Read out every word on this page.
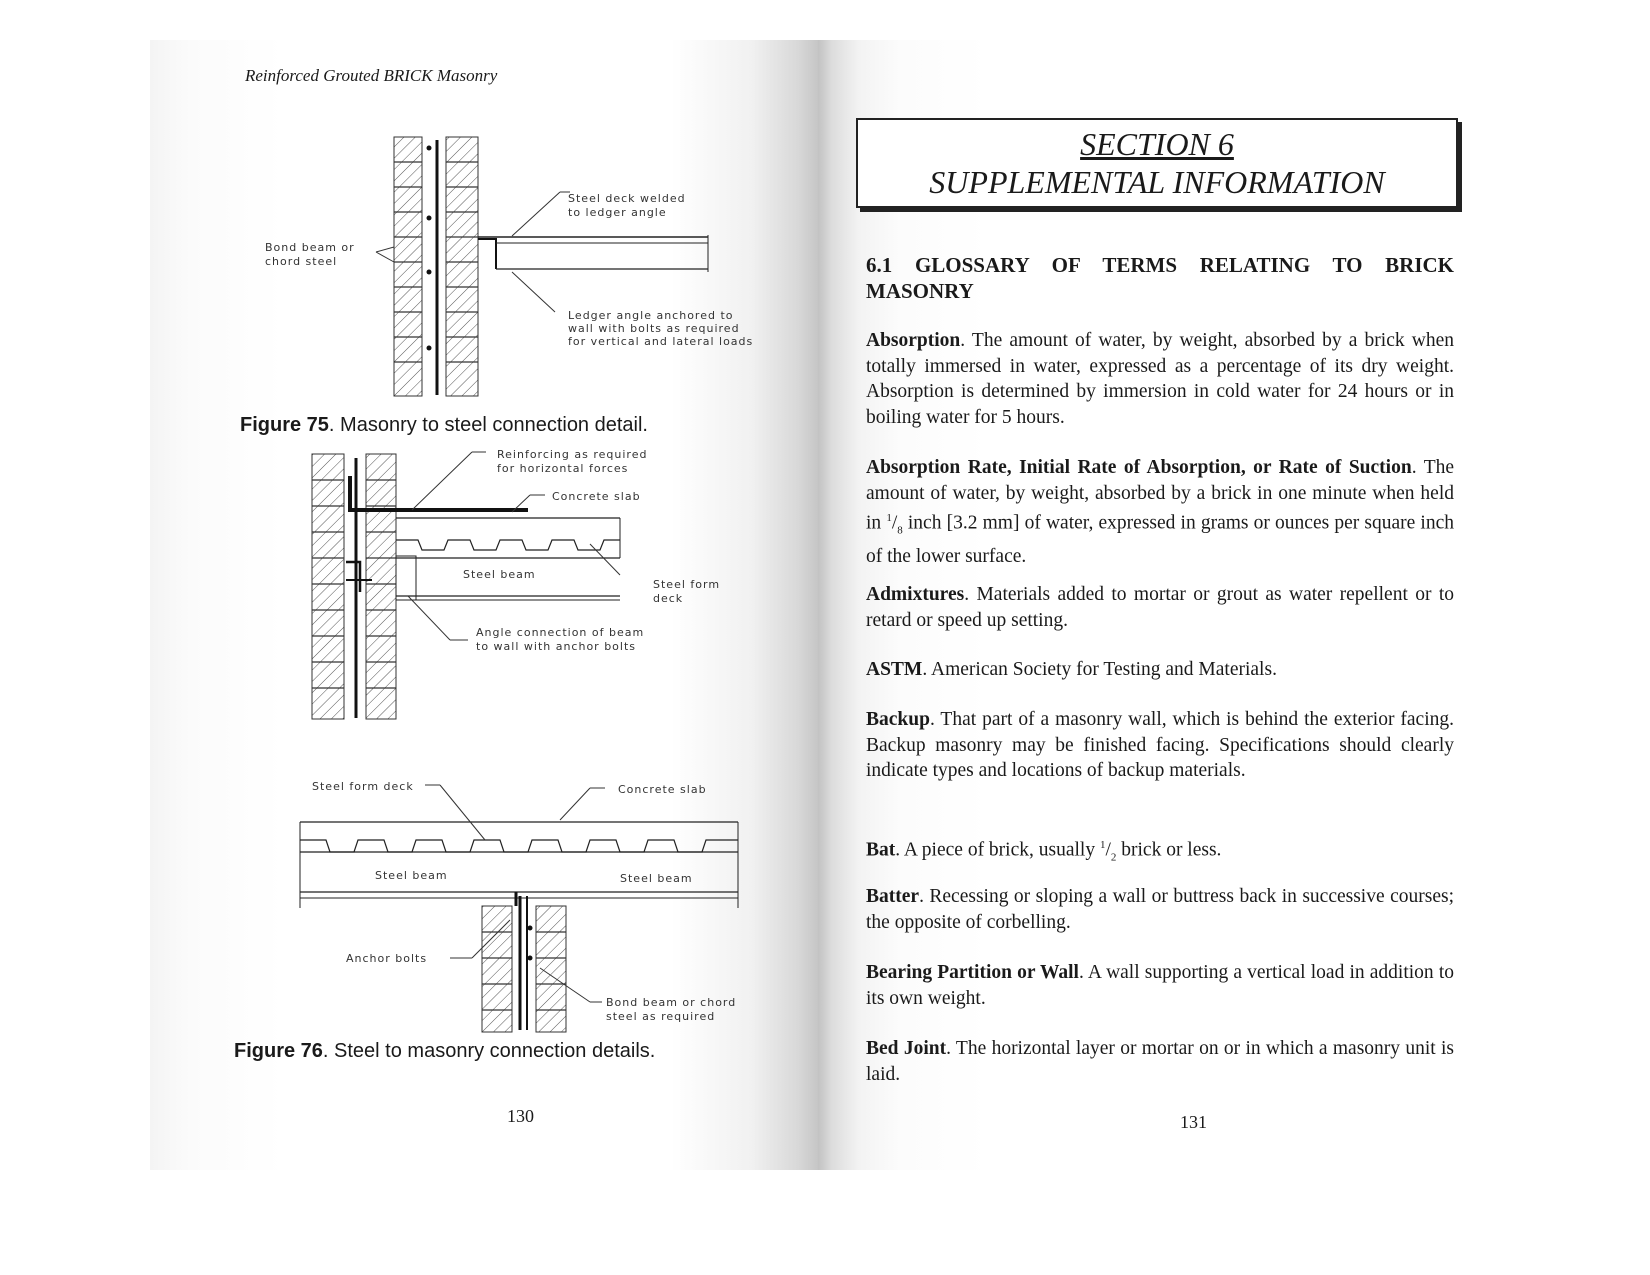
Reinforced Grouted BRICK Masonry
Steel deck welded
to ledger angle
Bond beam or
chord steel
Ledger angle anchored to
wall with bolts as required
for vertical and lateral loads
Reinforcing as required
for horizontal forces
Concrete slab
Steel beam
Steel form
deck
Angle connection of beam
to wall with anchor bolts
Steel form deck	Concrete slab
Steel beam	Steel beam
Anchor bolts
Bond beam or chord
steel as required
Figure 75. Masonry to steel connection detail.
Figure 76. Steel to masonry connection details.
130
SECTION 6
SUPPLEMENTAL INFORMATION
6.1 GLOSSARY OF TERMS RELATING TO BRICK MASONRY
Absorption. The amount of water, by weight, absorbed by a brick when totally immersed in water, expressed as a percentage of its dry weight. Absorption is determined by immersion in cold water for 24 hours or in boiling water for 5 hours.
Absorption Rate, Initial Rate of Absorption, or Rate of Suction. The amount of water, by weight, absorbed by a brick in one minute when held in $^1/_8$ inch [3.2 mm] of water, expressed in grams or ounces per square inch of the lower surface.
Admixtures. Materials added to mortar or grout as water repellent or to retard or speed up setting.
ASTM. American Society for Testing and Materials.
Backup. That part of a masonry wall, which is behind the exterior facing. Backup masonry may be finished facing. Specifications should clearly indicate types and locations of backup materials.
Bat. A piece of brick, usually $^1/_2$ brick or less.
Batter. Recessing or sloping a wall or buttress back in successive courses; the opposite of corbelling.
Bearing Partition or Wall. A wall supporting a vertical load in addition to its own weight.
Bed Joint. The horizontal layer or mortar on or in which a masonry unit is laid.
131
